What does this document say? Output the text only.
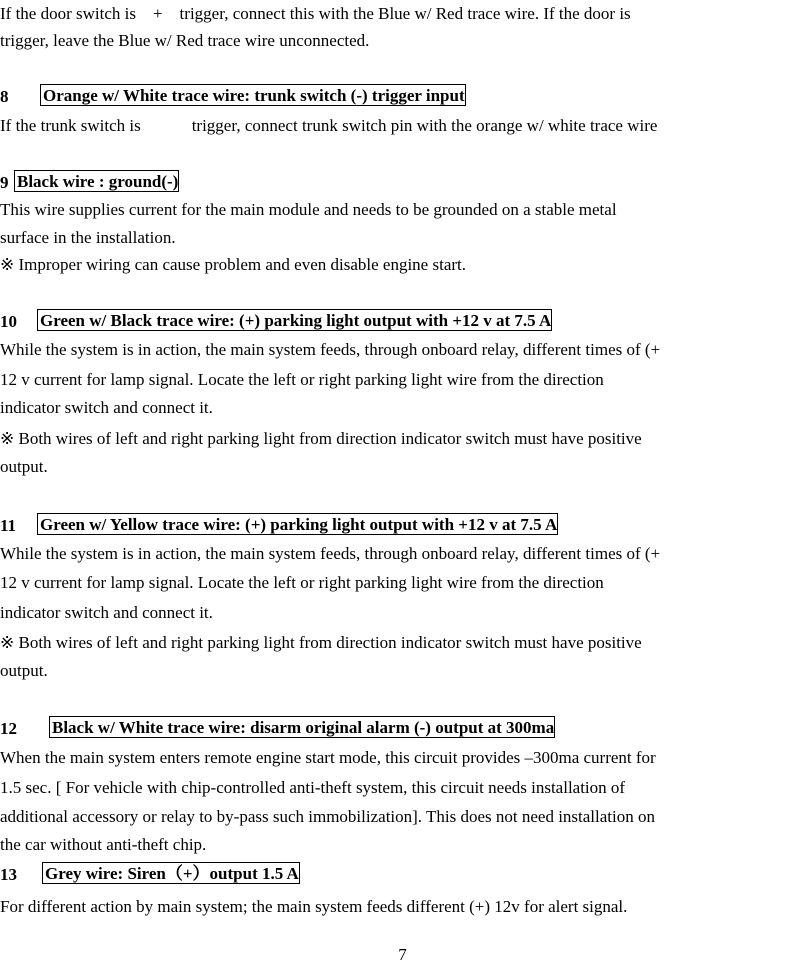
If the door switch is　+　trigger, connect this with the Blue w/ Red trace wire. If the door is　　　
trigger, leave the Blue w/ Red trace wire unconnected.
8 Orange w/ White trace wire: trunk switch (-) trigger input
If the trunk switch is　　　trigger, connect trunk switch pin with the orange w/ white trace wire
9 Black wire : ground(-)
This wire supplies current for the main module and needs to be grounded on a stable metal
surface in the installation.
※ Improper wiring can cause problem and even disable engine start.
10 Green w/ Black trace wire: (+) parking light output with +12 v at 7.5 A
While the system is in action, the main system feeds, through onboard relay, different times of (+
12 v current for lamp signal. Locate the left or right parking light wire from the direction
indicator switch and connect it.
※ Both wires of left and right parking light from direction indicator switch must have positive
output.
11 Green w/ Yellow trace wire: (+) parking light output with +12 v at 7.5 A
While the system is in action, the main system feeds, through onboard relay, different times of (+
12 v current for lamp signal. Locate the left or right parking light wire from the direction
indicator switch and connect it.
※ Both wires of left and right parking light from direction indicator switch must have positive
output.
12 Black w/ White trace wire: disarm original alarm (-) output at 300ma
When the main system enters remote engine start mode, this circuit provides –300ma current for
1.5 sec. [ For vehicle with chip-controlled anti-theft system, this circuit needs installation of
additional accessory or relay to by-pass such immobilization]. This does not need installation on
the car without anti-theft chip.
13 Grey wire: Siren（+）output 1.5 A
For different action by main system; the main system feeds different (+) 12v for alert signal.
7
